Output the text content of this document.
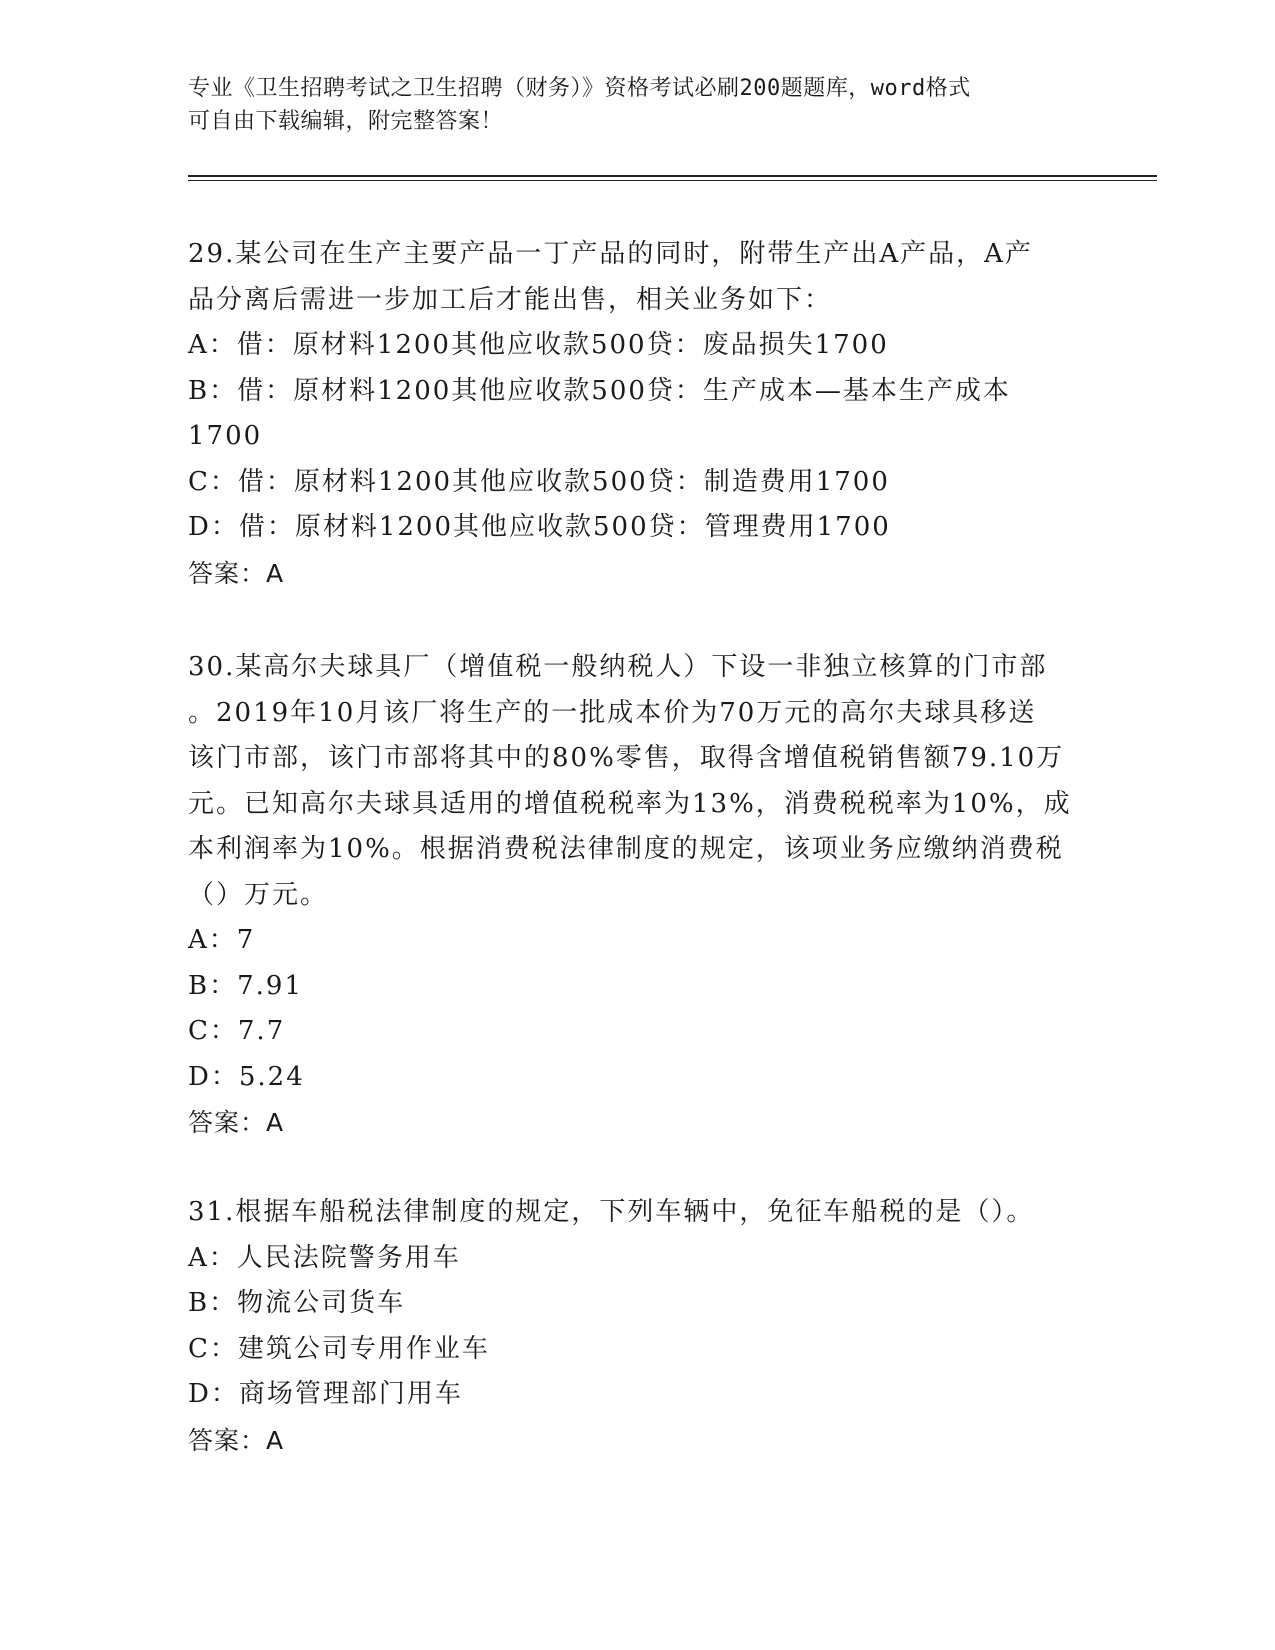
专业《卫生招聘考试之卫生招聘（财务）》资格考试必刷200题题库，word格式
可自由下载编辑，附完整答案！
29.某公司在生产主要产品一丁产品的同时，附带生产出A产品，A产
品分离后需进一步加工后才能出售，相关业务如下：
A：借：原材料1200其他应收款500贷：废品损失1700
B：借：原材料1200其他应收款500贷：生产成本—基本生产成本
1700
C：借：原材料1200其他应收款500贷：制造费用1700
D：借：原材料1200其他应收款500贷：管理费用1700
答案：A
30.某高尔夫球具厂（增值税一般纳税人）下设一非独立核算的门市部
。2019年10月该厂将生产的一批成本价为70万元的高尔夫球具移送
该门市部，该门市部将其中的80%零售，取得含增值税销售额79.10万
元。已知高尔夫球具适用的增值税税率为13%，消费税税率为10%，成
本利润率为10%。根据消费税法律制度的规定，该项业务应缴纳消费税
（）万元。
A：7
B：7.91
C：7.7
D：5.24
答案：A
31.根据车船税法律制度的规定，下列车辆中，免征车船税的是（）。
A：人民法院警务用车
B：物流公司货车
C：建筑公司专用作业车
D：商场管理部门用车
答案：A
